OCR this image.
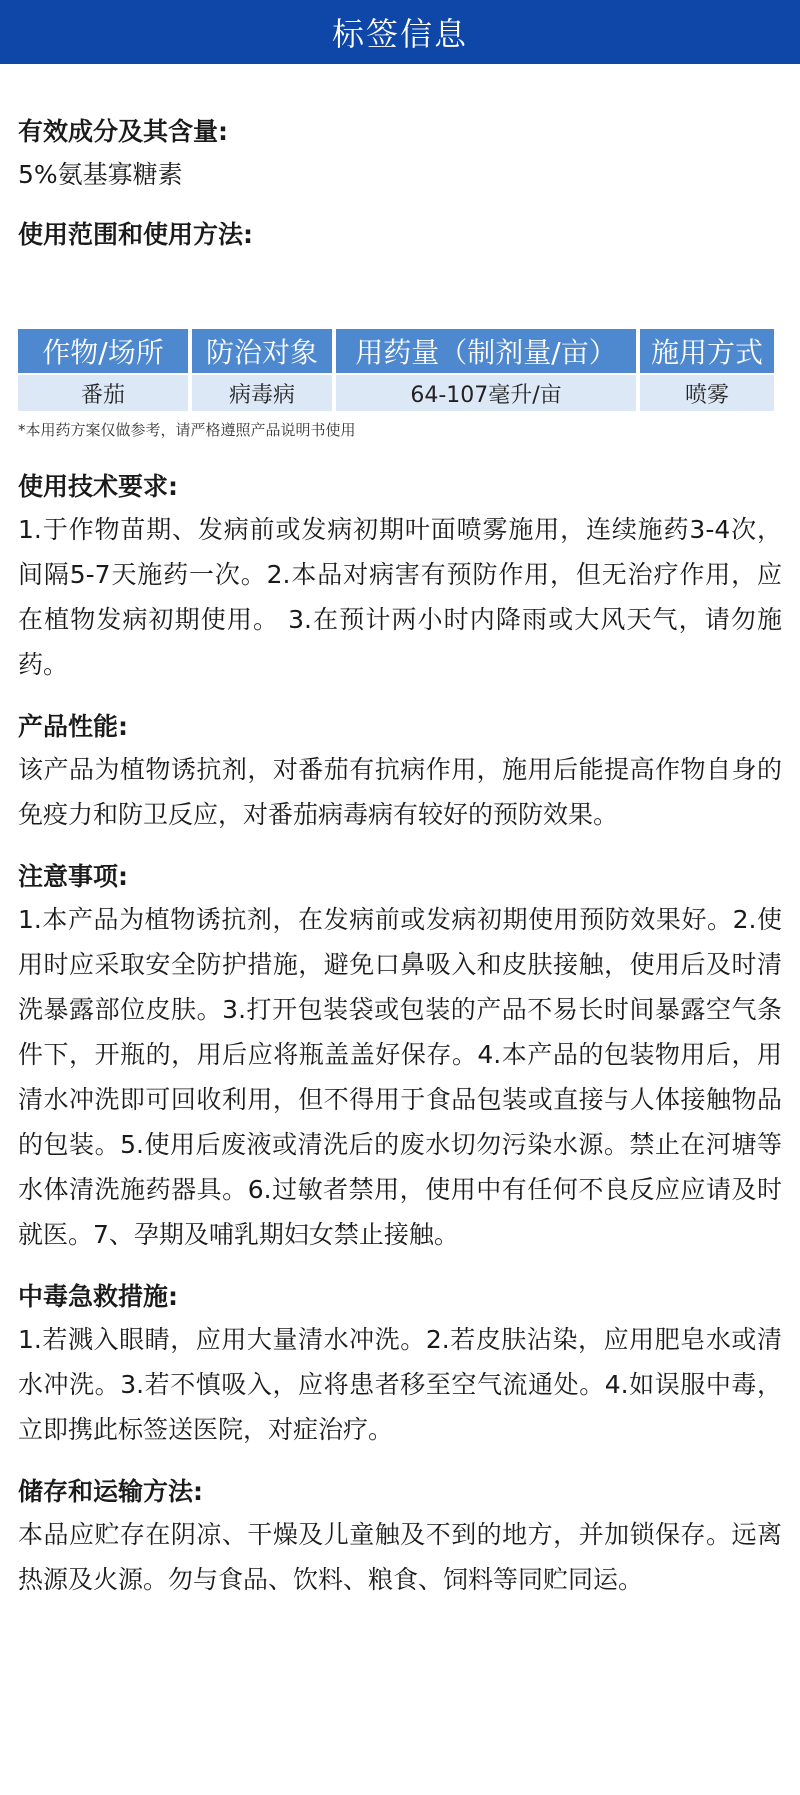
标签信息

有效成分及其含量:

5%氨基寡糖素

使用范围和使用方法:

作物/场所	防治对象	用药量（制剂量/亩）	施用方式
番茄	病毒病	64-107毫升/亩	喷雾
*本用药方案仅做参考，请严格遵照产品说明书使用

使用技术要求:

1.于作物苗期、发病前或发病初期叶面喷雾施用，连续施药3-4次，间隔5-7天施药一次。2.本品对病害有预防作用，但无治疗作用，应在植物发病初期使用。 3.在预计两小时内降雨或大风天气，请勿施药。

产品性能:

该产品为植物诱抗剂，对番茄有抗病作用，施用后能提高作物自身的免疫力和防卫反应，对番茄病毒病有较好的预防效果。

注意事项:

1.本产品为植物诱抗剂，在发病前或发病初期使用预防效果好。2.使用时应采取安全防护措施，避免口鼻吸入和皮肤接触，使用后及时清洗暴露部位皮肤。3.打开包装袋或包装的产品不易长时间暴露空气条件下，开瓶的，用后应将瓶盖盖好保存。4.本产品的包装物用后，用清水冲洗即可回收利用，但不得用于食品包装或直接与人体接触物品的包装。5.使用后废液或清洗后的废水切勿污染水源。禁止在河塘等水体清洗施药器具。6.过敏者禁用，使用中有任何不良反应应请及时就医。7、孕期及哺乳期妇女禁止接触。

中毒急救措施:

1.若溅入眼睛，应用大量清水冲洗。2.若皮肤沾染，应用肥皂水或清水冲洗。3.若不慎吸入，应将患者移至空气流通处。4.如误服中毒，立即携此标签送医院，对症治疗。

储存和运输方法:

本品应贮存在阴凉、干燥及儿童触及不到的地方，并加锁保存。远离热源及火源。勿与食品、饮料、粮食、饲料等同贮同运。
